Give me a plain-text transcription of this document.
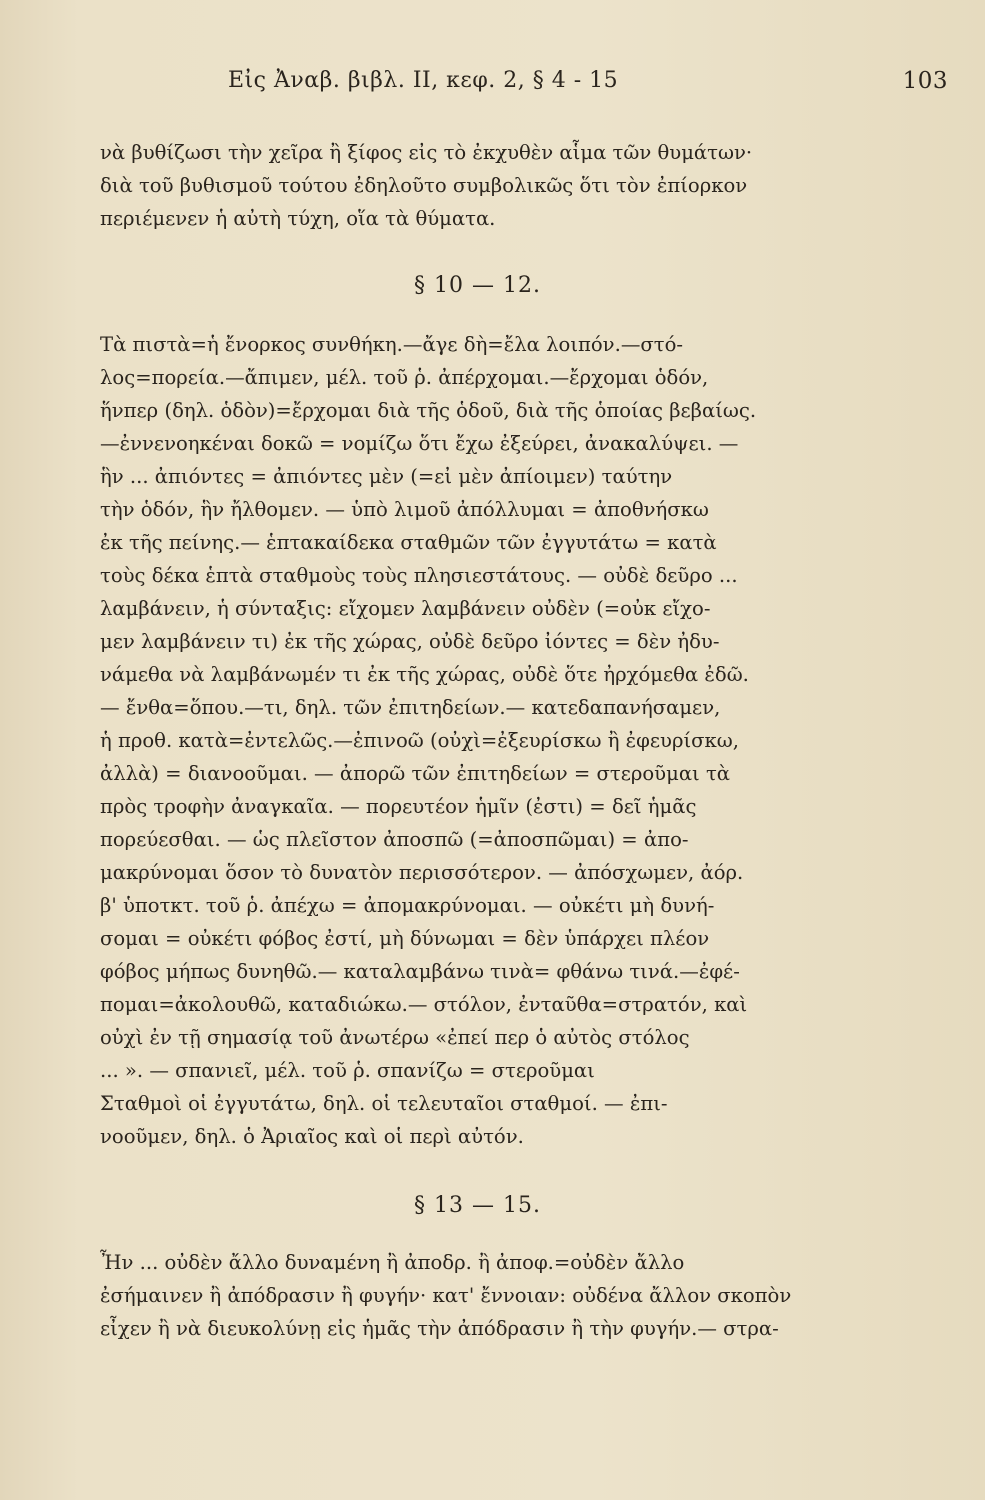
Εἰς Ἀναβ. βιβλ. ΙΙ, κεφ. 2, § 4 - 15	103
νὰ βυθίζωσι τὴν χεῖρα ἢ ξίφος εἰς τὸ ἐκχυθὲν αἷμα τῶν θυμάτων·
διὰ τοῦ βυθισμοῦ τούτου ἐδηλοῦτο συμβολικῶς ὅτι τὸν ἐπίορκον
περιέμενεν ἡ αὐτὴ τύχη, οἵα τὰ θύματα.
§ 10 — 12.
Τὰ πιστὰ=ἡ ἔνορκος συνθήκη.—ἄγε δὴ=ἔλα λοιπόν.—στό-
λος=πορεία.—ἄπιμεν, μέλ. τοῦ ῥ. ἀπέρχομαι.—ἔρχομαι ὁδόν,
ἥνπερ (δηλ. ὁδὸν)=ἔρχομαι διὰ τῆς ὁδοῦ, διὰ τῆς ὁποίας βεβαίως.
—ἐννενοηκέναι δοκῶ = νομίζω ὅτι ἔχω ἐξεύρει, ἀνακαλύψει. —
ἣν ... ἀπιόντες = ἀπιόντες μὲν (=εἰ μὲν ἀπίοιμεν) ταύτην
τὴν ὁδόν, ἣν ἤλθομεν. — ὑπὸ λιμοῦ ἀπόλλυμαι = ἀποθνήσκω
ἐκ τῆς πείνης.— ἑπτακαίδεκα σταθμῶν τῶν ἐγγυτάτω = κατὰ
τοὺς δέκα ἑπτὰ σταθμοὺς τοὺς πλησιεστάτους. — οὐδὲ δεῦρο ...
λαμβάνειν, ἡ σύνταξις: εἴχομεν λαμβάνειν οὐδὲν (=οὐκ εἴχο-
μεν λαμβάνειν τι) ἐκ τῆς χώρας, οὐδὲ δεῦρο ἰόντες = δὲν ἠδυ-
νάμεθα νὰ λαμβάνωμέν τι ἐκ τῆς χώρας, οὐδὲ ὅτε ἠρχόμεθα ἐδῶ.
— ἔνθα=ὅπου.—τι, δηλ. τῶν ἐπιτηδείων.— κατεδαπανήσαμεν,
ἡ προθ. κατὰ=ἐντελῶς.—ἐπινοῶ (οὐχὶ=ἐξευρίσκω ἢ ἐφευρίσκω,
ἀλλὰ) = διανοοῦμαι. — ἀπορῶ τῶν ἐπιτηδείων = στεροῦμαι τὰ
πρὸς τροφὴν ἀναγκαῖα. — πορευτέον ἡμῖν (ἐστι) = δεῖ ἡμᾶς
πορεύεσθαι. — ὡς πλεῖστον ἀποσπῶ (=ἀποσπῶμαι) = ἀπο-
μακρύνομαι ὅσον τὸ δυνατὸν περισσότερον. — ἀπόσχωμεν, ἀόρ.
β' ὑποτκτ. τοῦ ῥ. ἀπέχω = ἀπομακρύνομαι. — οὐκέτι μὴ δυνή-
σομαι = οὐκέτι φόβος ἐστί, μὴ δύνωμαι = δὲν ὑπάρχει πλέον
φόβος μήπως δυνηθῶ.— καταλαμβάνω τινὰ= φθάνω τινά.—ἐφέ-
πομαι=ἀκολουθῶ, καταδιώκω.— στόλον, ἐνταῦθα=στρατόν, καὶ
οὐχὶ ἐν τῇ σημασίᾳ τοῦ ἀνωτέρω «ἐπεί περ ὁ αὐτὸς στόλος
... ». — σπανιεῖ, μέλ. τοῦ ῥ. σπανίζω = στεροῦμαι
Σταθμοὶ οἱ ἐγγυτάτω, δηλ. οἱ τελευταῖοι σταθμοί. — ἐπι-
νοοῦμεν, δηλ. ὁ Ἀριαῖος καὶ οἱ περὶ αὐτόν.
§ 13 — 15.
Ἦν ... οὐδὲν ἄλλο δυναμένη ἢ ἀποδρ. ἢ ἀποφ.=οὐδὲν ἄλλο
ἐσήμαινεν ἢ ἀπόδρασιν ἢ φυγήν· κατ' ἔννοιαν: οὐδένα ἄλλον σκοπὸν
εἶχεν ἢ νὰ διευκολύνῃ εἰς ἡμᾶς τὴν ἀπόδρασιν ἢ τὴν φυγήν.— στρα-
